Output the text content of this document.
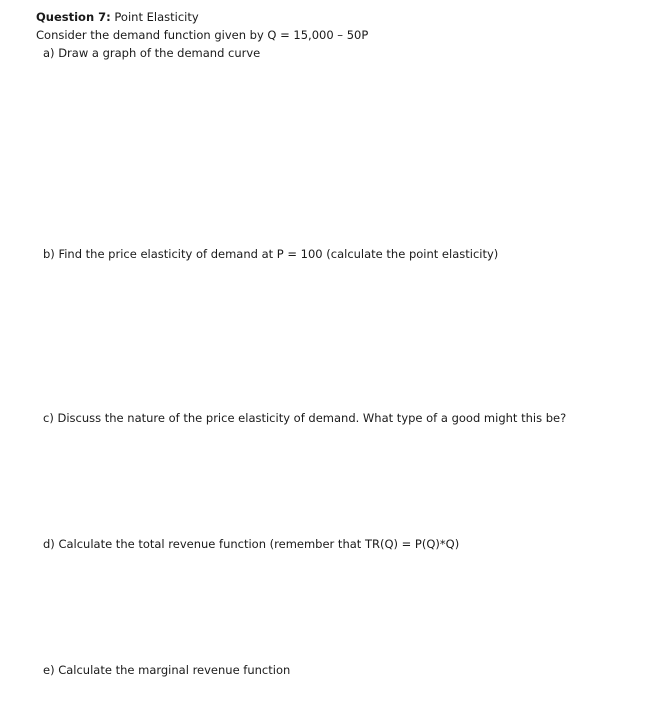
Question 7: Point Elasticity
Consider the demand function given by Q = 15,000 – 50P
a) Draw a graph of the demand curve
b) Find the price elasticity of demand at P = 100 (calculate the point elasticity)
c) Discuss the nature of the price elasticity of demand. What type of a good might this be?
d) Calculate the total revenue function (remember that TR(Q) = P(Q)*Q)
e) Calculate the marginal revenue function
